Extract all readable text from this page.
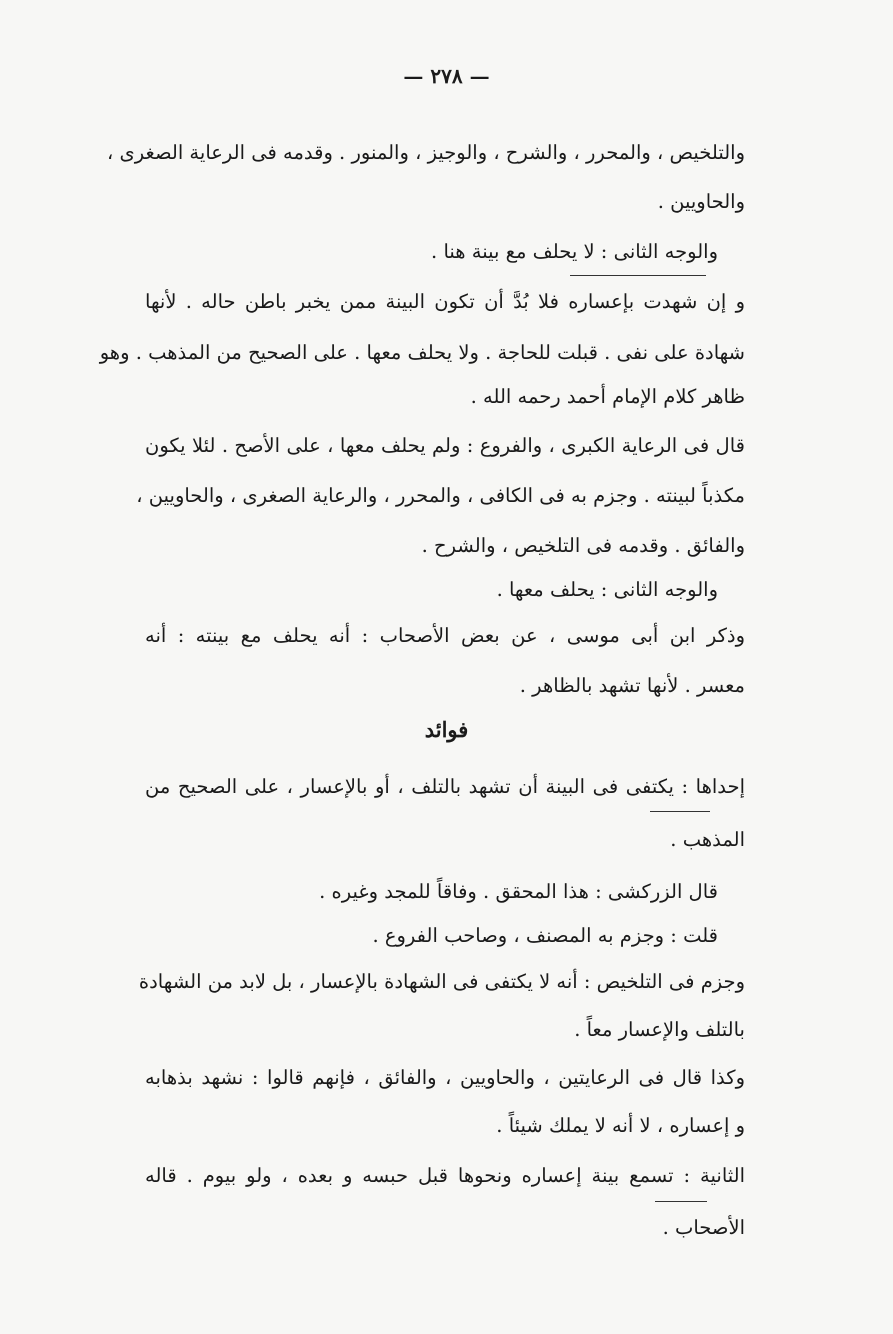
— ٢٧٨ —
والتلخيص ، والمحرر ، والشرح ، والوجيز ، والمنور . وقدمه فى الرعاية الصغرى ،
والحاويين .
والوجه الثانى : لا يحلف مع بينة هنا .
و إن شهدت بإعساره فلا بُدَّ أن تكون البينة ممن يخبر باطن حاله . لأنها
شهادة على نفى . قبلت للحاجة . ولا يحلف معها . على الصحيح من المذهب . وهو
ظاهر كلام الإمام أحمد رحمه الله .
قال فى الرعاية الكبرى ، والفروع : ولم يحلف معها ، على الأصح . لئلا يكون
مكذباً لبينته . وجزم به فى الكافى ، والمحرر ، والرعاية الصغرى ، والحاويين ،
والفائق . وقدمه فى التلخيص ، والشرح .
والوجه الثانى : يحلف معها .
وذكر ابن أبى موسى ، عن بعض الأصحاب : أنه يحلف مع بينته : أنه
معسر . لأنها تشهد بالظاهر .
فوائد
إحداها : يكتفى فى البينة أن تشهد بالتلف ، أو بالإعسار ، على الصحيح من
المذهب .
قال الزركشى : هذا المحقق . وفاقاً للمجد وغيره .
قلت : وجزم به المصنف ، وصاحب الفروع .
وجزم فى التلخيص : أنه لا يكتفى فى الشهادة بالإعسار ، بل لابد من الشهادة
بالتلف والإعسار معاً .
وكذا قال فى الرعايتين ، والحاويين ، والفائق ، فإنهم قالوا : نشهد بذهابه
و إعساره ، لا أنه لا يملك شيئاً .
الثانية : تسمع بينة إعساره ونحوها قبل حبسه و بعده ، ولو بيوم . قاله
الأصحاب .
